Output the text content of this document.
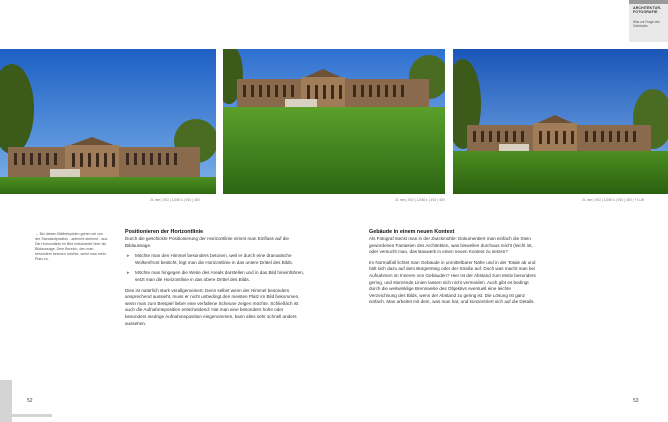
ARCHITEKTUR-FOTOGRAFIE
Was zur Frage des Gebäudes
21 mm | ISO | 1/250 s | f/10 | 400	21 mm | ISO | 1/250 s | f/10 | 400	21 mm | ISO | 1/250 s | f/10 | 400 | +1 LW
← Bei diesen Bildbeispielen gehen wir von der Standardposition - aufrecht stehend - aus. Die Horizontlinie im Bild entscheidet über die Bildaussage. Dem Bereich, den man besonders betonen möchte, weist man mehr Platz zu.
Positionieren der Horizontlinie
Durch die geschickte Positionierung der Horizontlinie nimmt man Einfluss auf die Bildaussage.
► Möchte man den Himmel besonders betonen, weil er durch eine dramatische Wolkenfront besticht, legt man die Horizontlinie in das untere Drittel des Bilds.
► Möchte man hingegen die Weite des Areals darstellen und in das Bild hineinführen, setzt man die Horizontlinie in das obere Drittel des Bilds.
Dies ist natürlich stark verallgemeinert. Denn selbst wenn der Himmel besonders ansprechend aussieht, muss er nicht unbedingt den meisten Platz im Bild bekommen, wenn man zum Beispiel lieber eine verfallene Scheune zeigen möchte. Schließlich ist auch die Aufnahmeposition entscheidend: Hat man eine besonders hohe oder besonders niedrige Aufnahmeposition eingenommen, kann alles sehr schnell anders aussehen.
Gebäude in einem neuen Kontext
Als Fotograf steckt man in der Zwickmühle: Dokumentiert man einfach die Stein gewordenen Fantasien des Architekten, was bisweilen durchaus reicht (leicht ist, oder versucht man, das Bauwerk in einen neuen Kontext zu setzen?
Im Normalfall lichtet man Gebäude in unmittelbarer Nähe und in der Totale ab und hält sich dazu auf dem Bürgersteig oder der Straße auf. Doch was macht man bei Aufnahmen im Inneren von Gebäuden? Hier ist der Abstand zum Motiv besonders gering, und stürzende Linien lassen sich nicht vermeiden. Auch gibt es bedingt durch die weitwinklige Brennweite des Objektivs eventuell eine leichte Verzeichnung des Bilds, wenn der Abstand zu gering ist. Die Lösung ist ganz einfach. Man arbeitet mit dem, was man hat, und konzentriert sich auf die Details.
52	53
